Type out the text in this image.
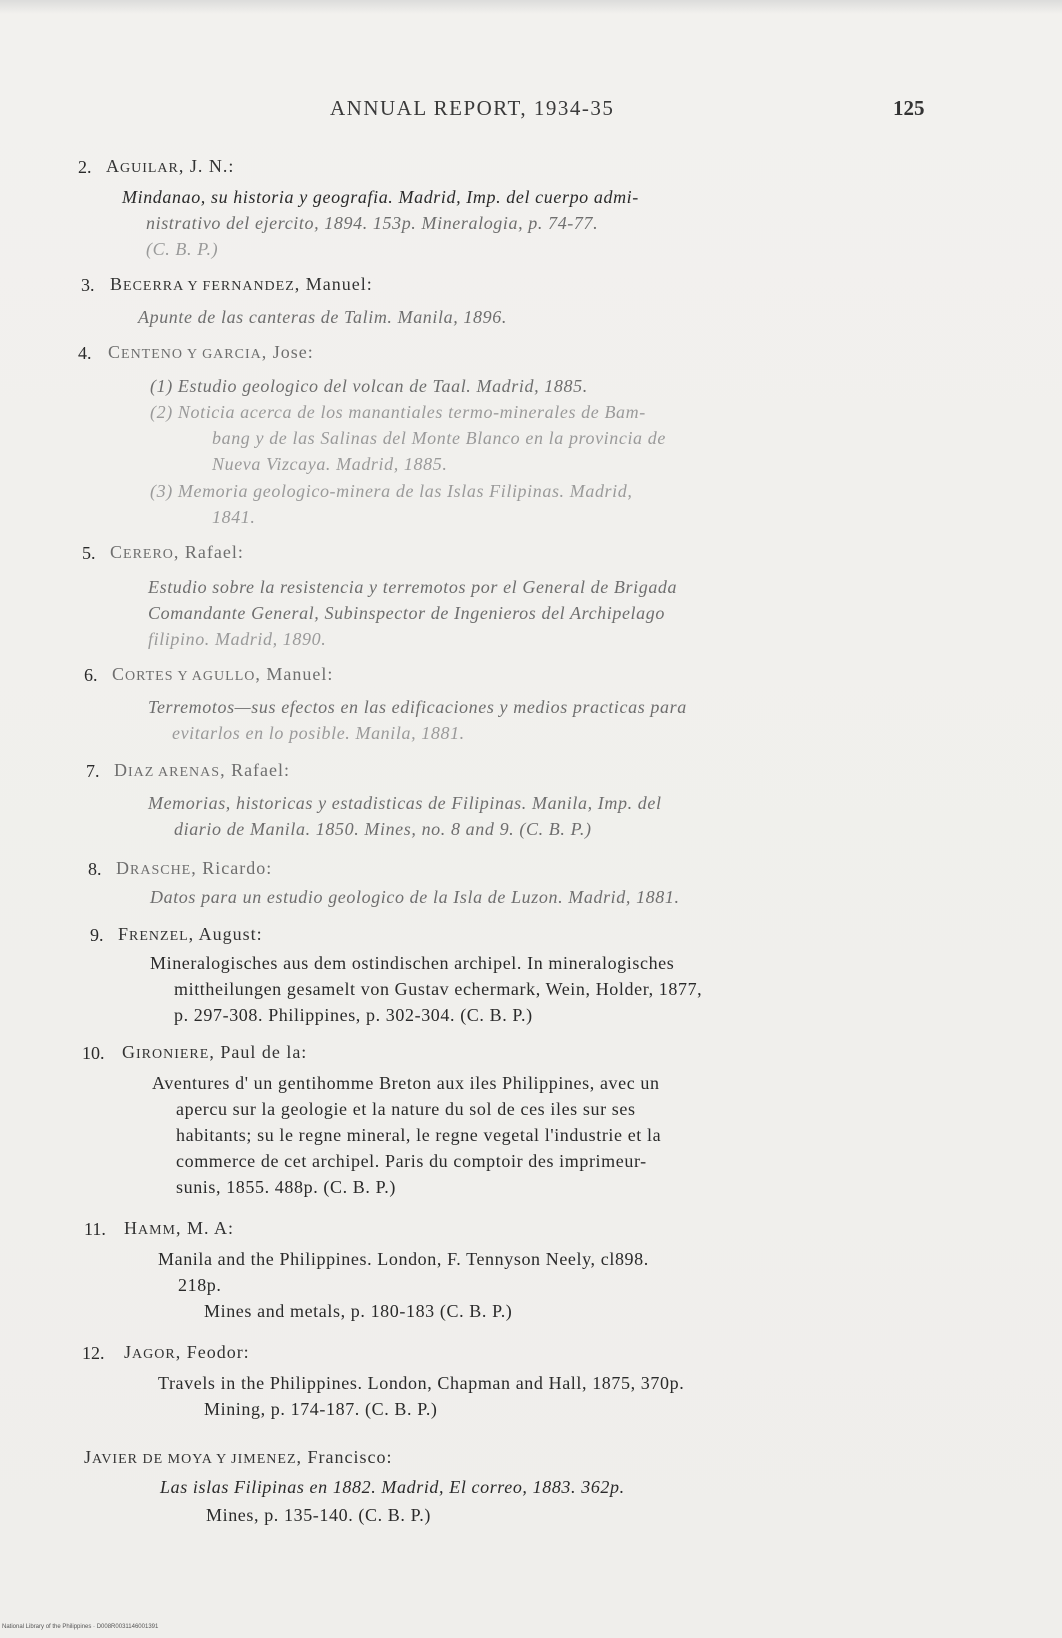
ANNUAL REPORT, 1934-35	125
2. AGUILAR, J. N.:
Mindanao, su historia y geografia. Madrid, Imp. del cuerpo admi-
nistrativo del ejercito, 1894. 153p. Mineralogia, p. 74-77.
(C. B. P.)
3. BECERRA Y FERNANDEZ, Manuel:
Apunte de las canteras de Talim. Manila, 1896.
4. CENTENO Y GARCIA, Jose:
(1) Estudio geologico del volcan de Taal. Madrid, 1885.
(2) Noticia acerca de los manantiales termo-minerales de Bam-
bang y de las Salinas del Monte Blanco en la provincia de
Nueva Vizcaya. Madrid, 1885.
(3) Memoria geologico-minera de las Islas Filipinas. Madrid,
1841.
5. CERERO, Rafael:
Estudio sobre la resistencia y terremotos por el General de Brigada
Comandante General, Subinspector de Ingenieros del Archipelago
filipino. Madrid, 1890.
6. CORTES Y AGULLO, Manuel:
Terremotos—sus efectos en las edificaciones y medios practicas para
evitarlos en lo posible. Manila, 1881.
7. DIAZ ARENAS, Rafael:
Memorias, historicas y estadisticas de Filipinas. Manila, Imp. del
diario de Manila. 1850. Mines, no. 8 and 9. (C. B. P.)
8. DRASCHE, Ricardo:
Datos para un estudio geologico de la Isla de Luzon. Madrid, 1881.
9. FRENZEL, August:
Mineralogisches aus dem ostindischen archipel. In mineralogisches
mittheilungen gesamelt von Gustav echermark, Wein, Holder, 1877,
p. 297-308. Philippines, p. 302-304. (C. B. P.)
10. GIRONIERE, Paul de la:
Aventures d' un gentihomme Breton aux iles Philippines, avec un
apercu sur la geologie et la nature du sol de ces iles sur ses
habitants; su le regne mineral, le regne vegetal l'industrie et la
commerce de cet archipel. Paris du comptoir des imprimeur-
sunis, 1855. 488p. (C. B. P.)
11. HAMM, M. A:
Manila and the Philippines. London, F. Tennyson Neely, cl898.
218p.
Mines and metals, p. 180-183 (C. B. P.)
12. JAGOR, Feodor:
Travels in the Philippines. London, Chapman and Hall, 1875, 370p.
Mining, p. 174-187. (C. B. P.)
JAVIER DE MOYA Y JIMENEZ, Francisco:
Las islas Filipinas en 1882. Madrid, El correo, 1883. 362p.
Mines, p. 135-140. (C. B. P.)
National Library of the Philippines · D008R0031146001391
